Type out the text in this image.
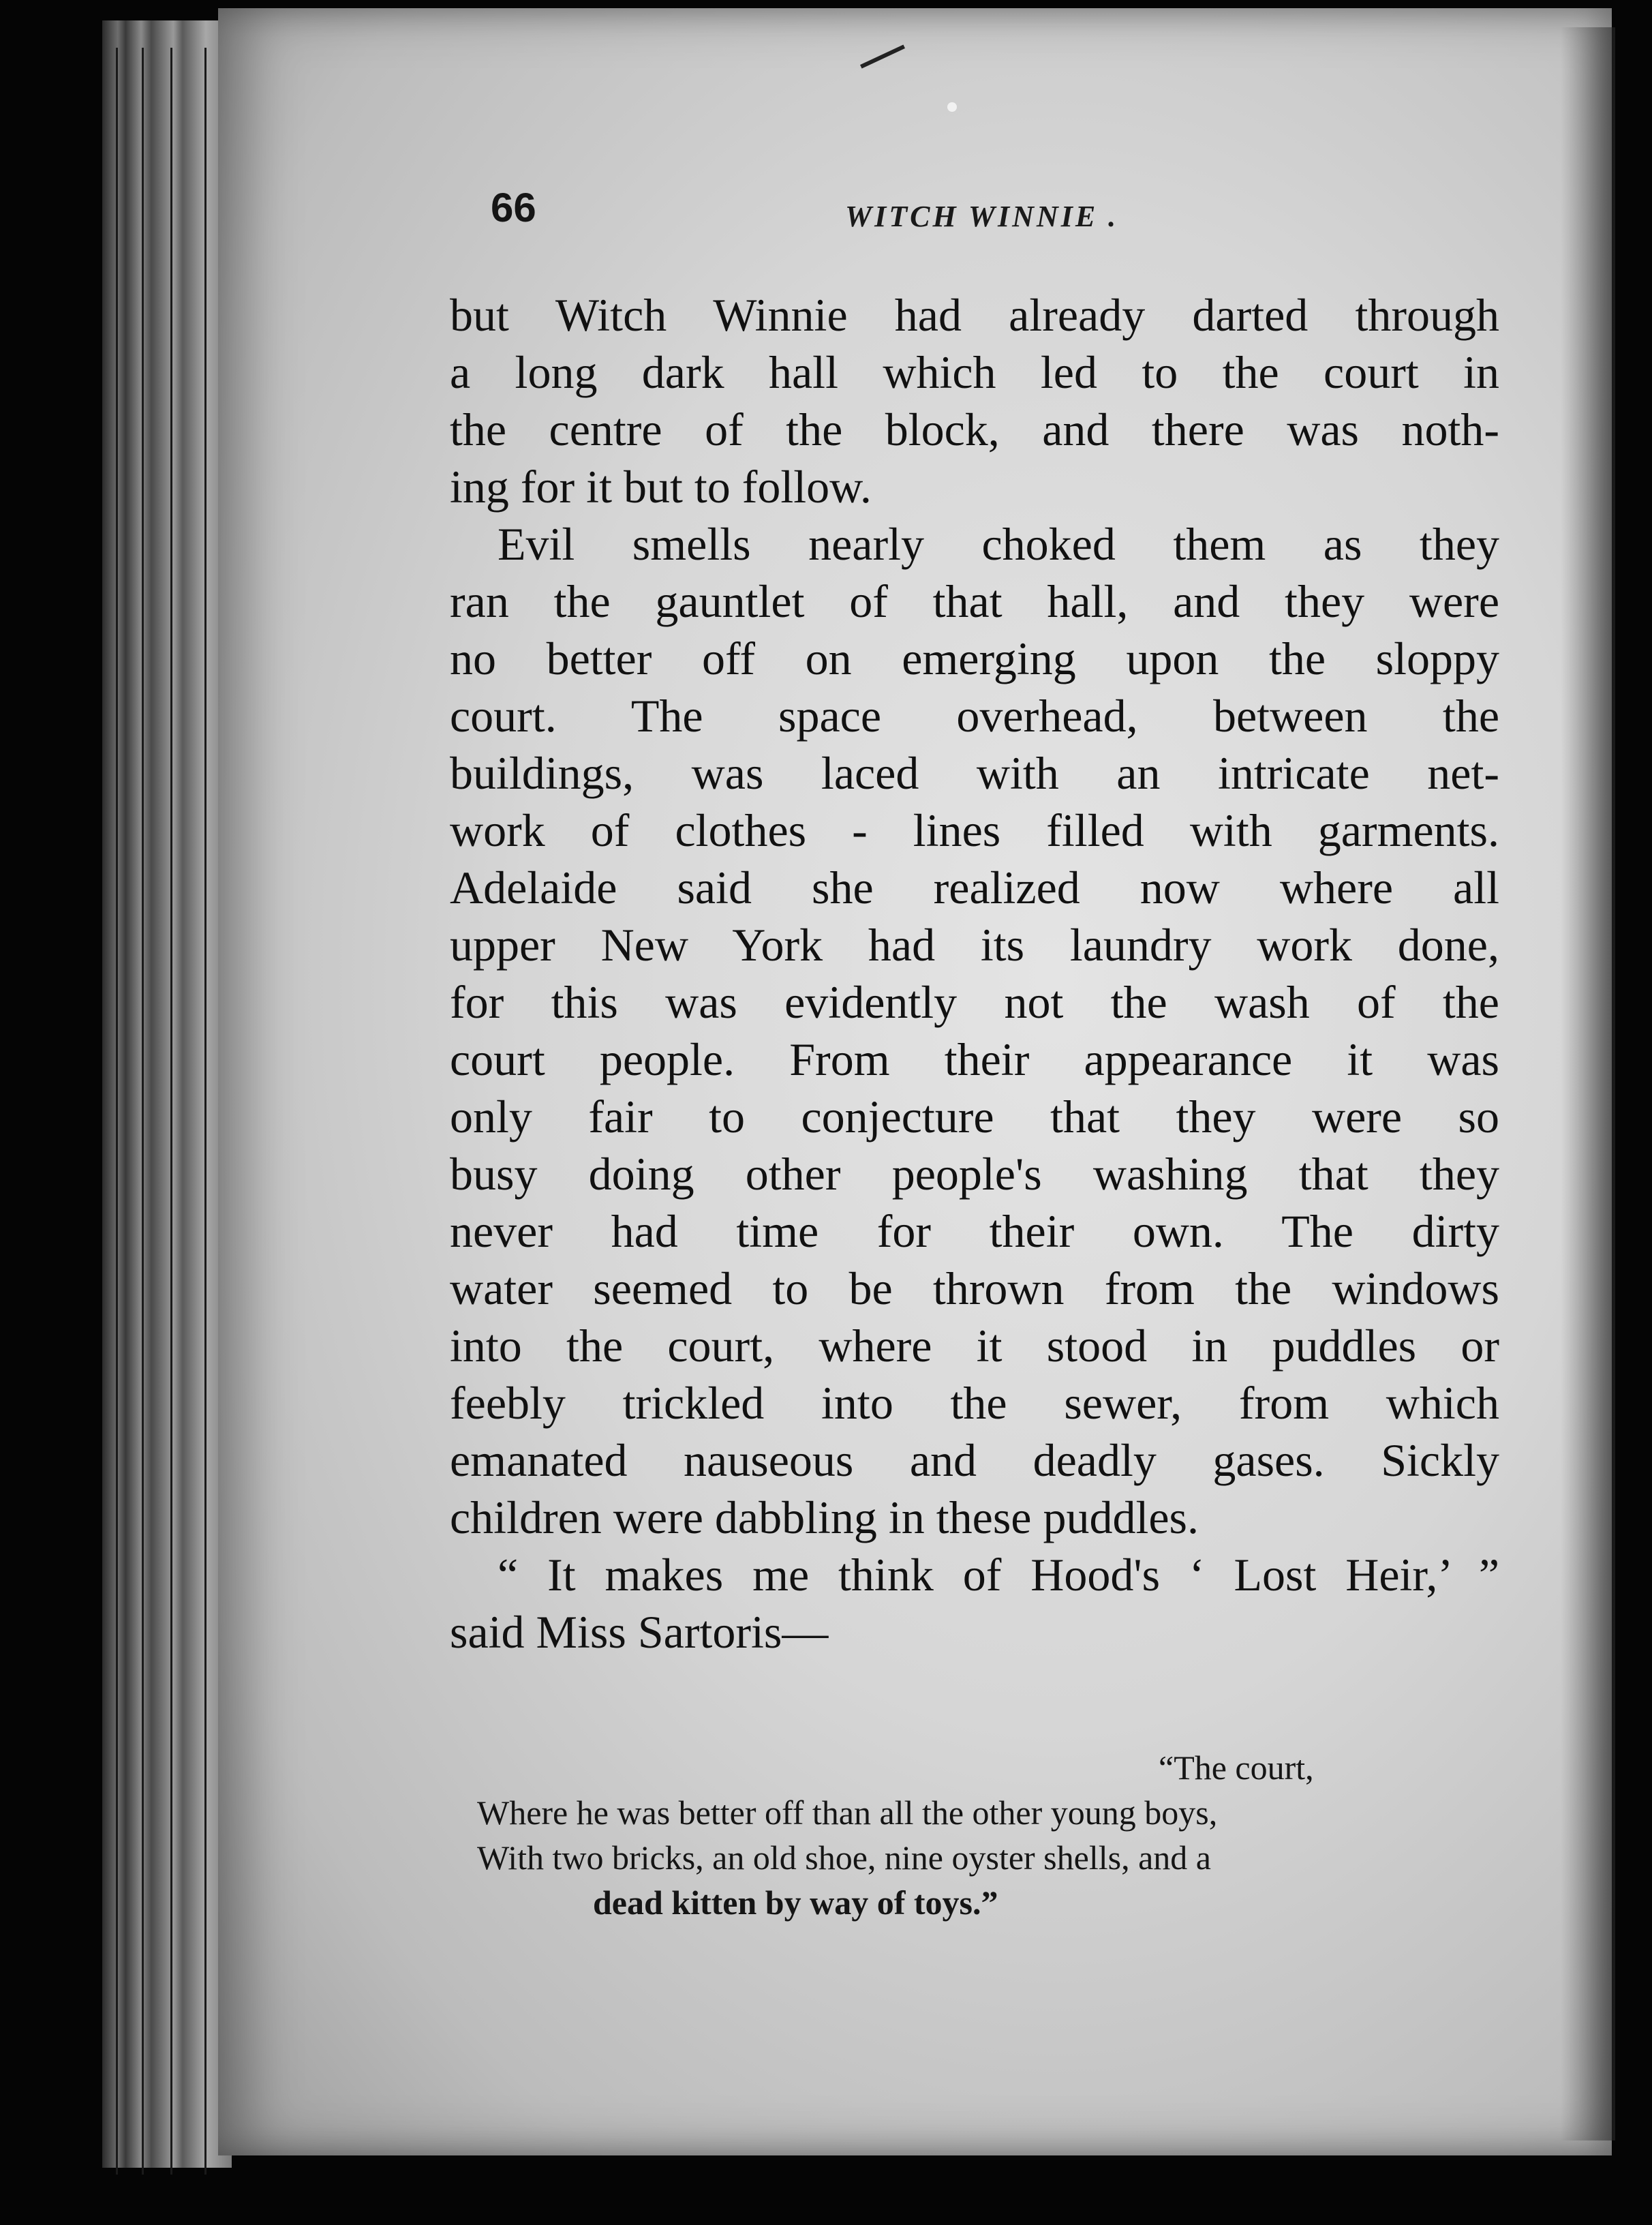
66	WITCH WINNIE .
but Witch Winnie had already darted through
a long dark hall which led to the court in
the centre of the block, and there was noth-
ing for it but to follow.
Evil smells nearly choked them as they
ran the gauntlet of that hall, and they were
no better off on emerging upon the sloppy
court. The space overhead, between the
buildings, was laced with an intricate net-
work of clothes - lines filled with garments.
Adelaide said she realized now where all
upper New York had its laundry work done,
for this was evidently not the wash of the
court people. From their appearance it was
only fair to conjecture that they were so
busy doing other people's washing that they
never had time for their own. The dirty
water seemed to be thrown from the windows
into the court, where it stood in puddles or
feebly trickled into the sewer, from which
emanated nauseous and deadly gases. Sickly
children were dabbling in these puddles.
“ It makes me think of Hood's ‘ Lost Heir,’ ”
said Miss Sartoris—
“The court,
Where he was better off than all the other young boys,
With two bricks, an old shoe, nine oyster shells, and a
dead kitten by way of toys.”
